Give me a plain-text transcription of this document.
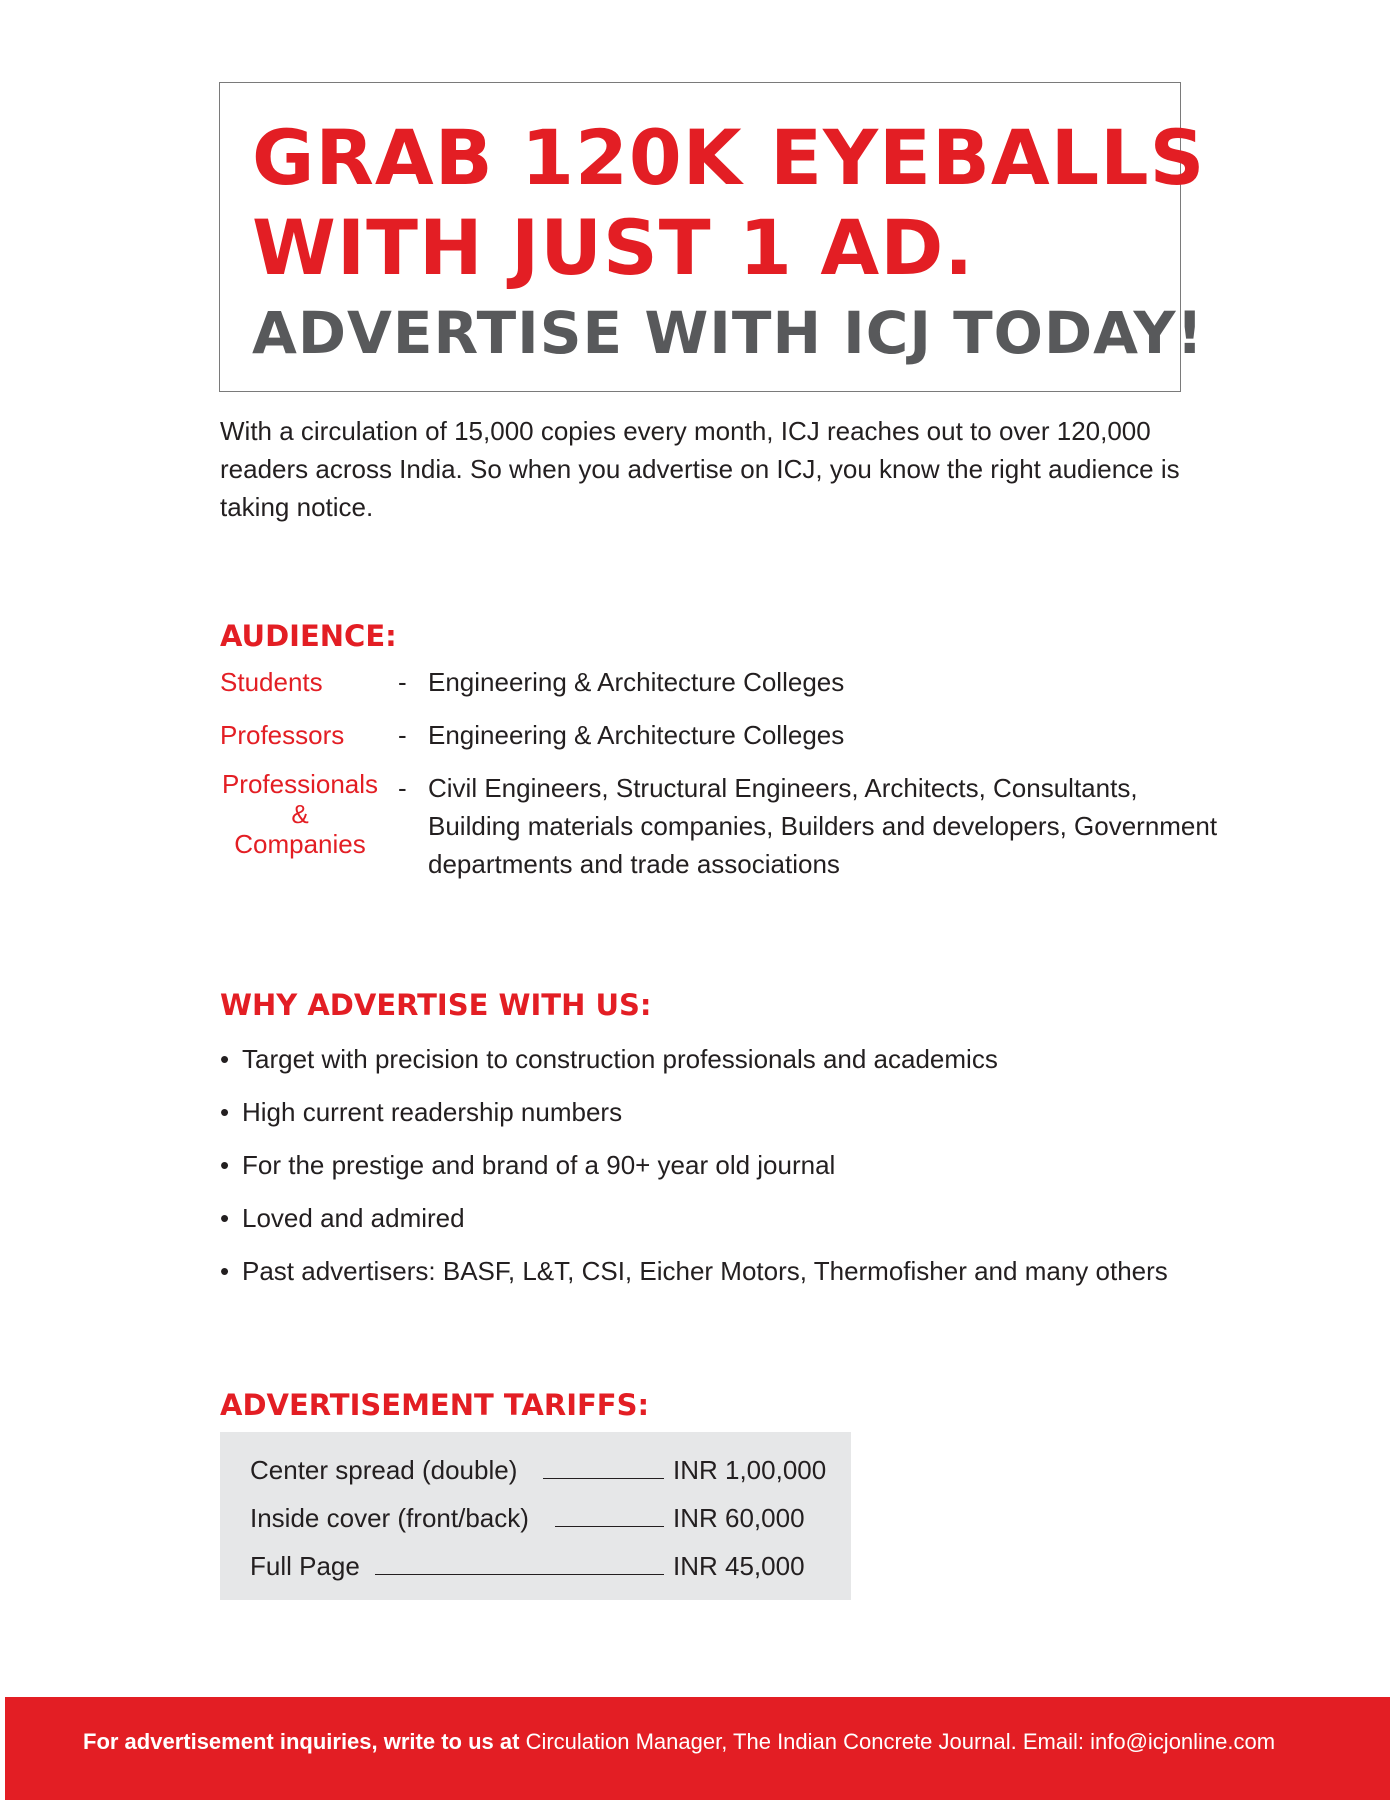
GRAB 120K EYEBALLS
WITH JUST 1 AD.
ADVERTISE WITH ICJ TODAY!

With a circulation of 15,000 copies every month, ICJ reaches out to over 120,000 readers across India. So when you advertise on ICJ, you know the right audience is taking notice.

AUDIENCE:
Students	- Engineering & Architecture Colleges
Professors - Engineering & Architecture Colleges
Professionals
&
Companies
- Civil Engineers, Structural Engineers, Architects, Consultants, Building materials companies, Builders and developers, Government departments and trade associations
WHY ADVERTISE WITH US:
• Target with precision to construction professionals and academics
• High current readership numbers
• For the prestige and brand of a 90+ year old journal
• Loved and admired
• Past advertisers: BASF, L&T, CSI, Eicher Motors, Thermofisher and many others
ADVERTISEMENT TARIFFS:
Center spread (double)	INR 1,00,000
Inside cover (front/back)	INR 60,000
Full Page	INR 45,000
For advertisement inquiries, write to us at Circulation Manager, The Indian Concrete Journal. Email: info@icjonline.com
